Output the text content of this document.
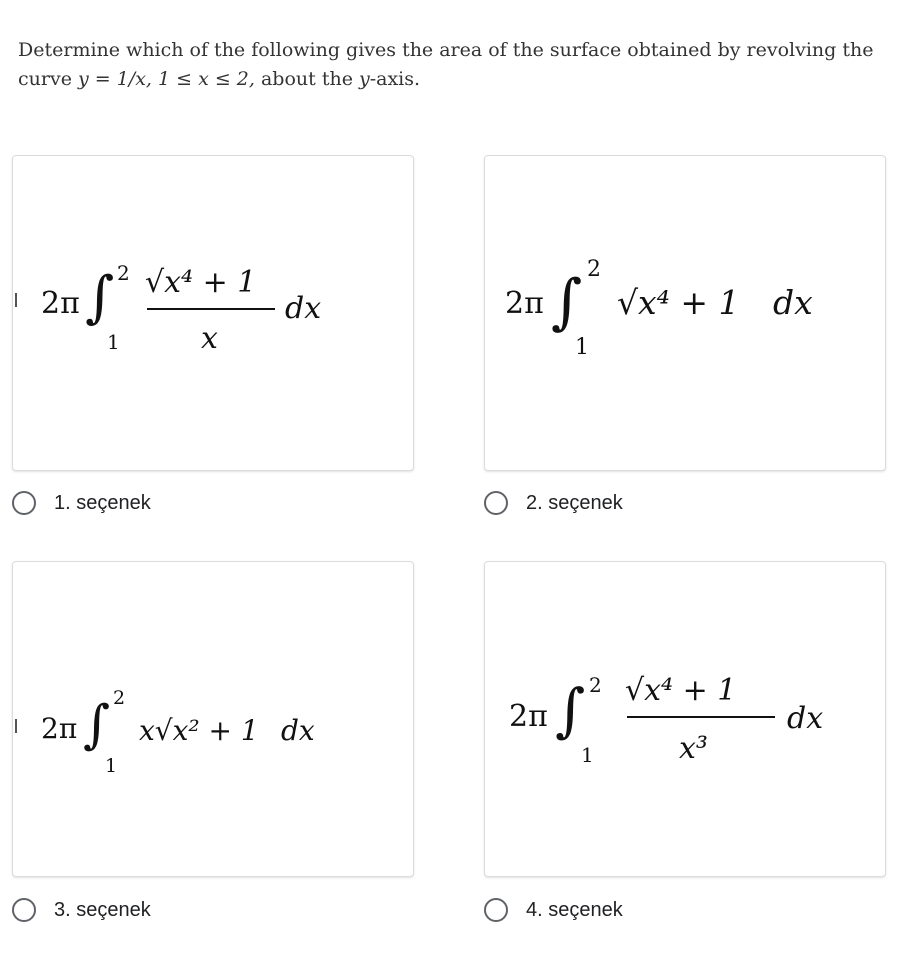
Determine which of the following gives the area of the surface obtained by revolving the
curve y = 1/x, 1 ≤ x ≤ 2, about the y-axis.
2π ∫ 2
1
√x⁴ + 1
x
dx	2π ∫ 2
1
√x⁴ + 1 dx
1. seçenek	2. seçenek
2π ∫ 2
1
x√x² + 1 dx	2π ∫ 2
1
√x⁴ + 1
x³
dx
3. seçenek	4. seçenek
